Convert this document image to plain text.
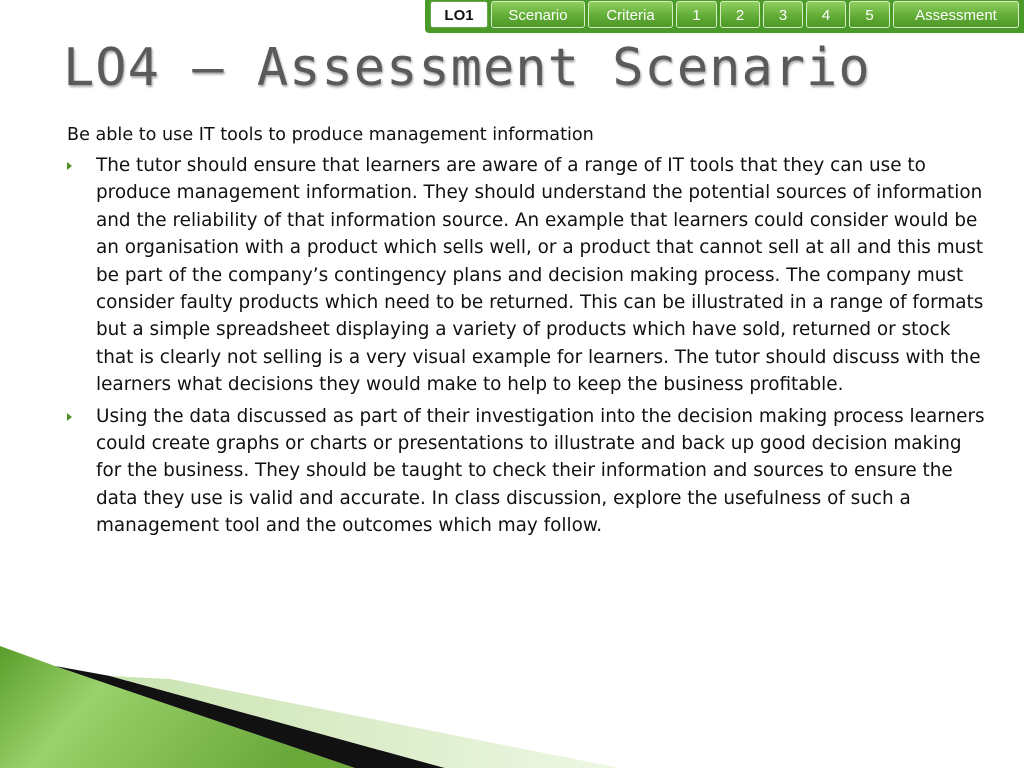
LO1	Scenario	Criteria	1	2	3	4	5	Assessment
LO4 – Assessment Scenario
Be able to use IT tools to produce management information
The tutor should ensure that learners are aware of a range of IT tools that they can use to produce management information. They should understand the potential sources of information and the reliability of that information source. An example that learners could consider would be an organisation with a product which sells well, or a product that cannot sell at all and this must be part of the company’s contingency plans and decision making process. The company must consider faulty products which need to be returned. This can be illustrated in a range of formats but a simple spreadsheet displaying a variety of products which have sold, returned or stock that is clearly not selling is a very visual example for learners. The tutor should discuss with the learners what decisions they would make to help to keep the business profitable.
Using the data discussed as part of their investigation into the decision making process learners could create graphs or charts or presentations to illustrate and back up good decision making for the business. They should be taught to check their information and sources to ensure the data they use is valid and accurate. In class discussion, explore the usefulness of such a management tool and the outcomes which may follow.
